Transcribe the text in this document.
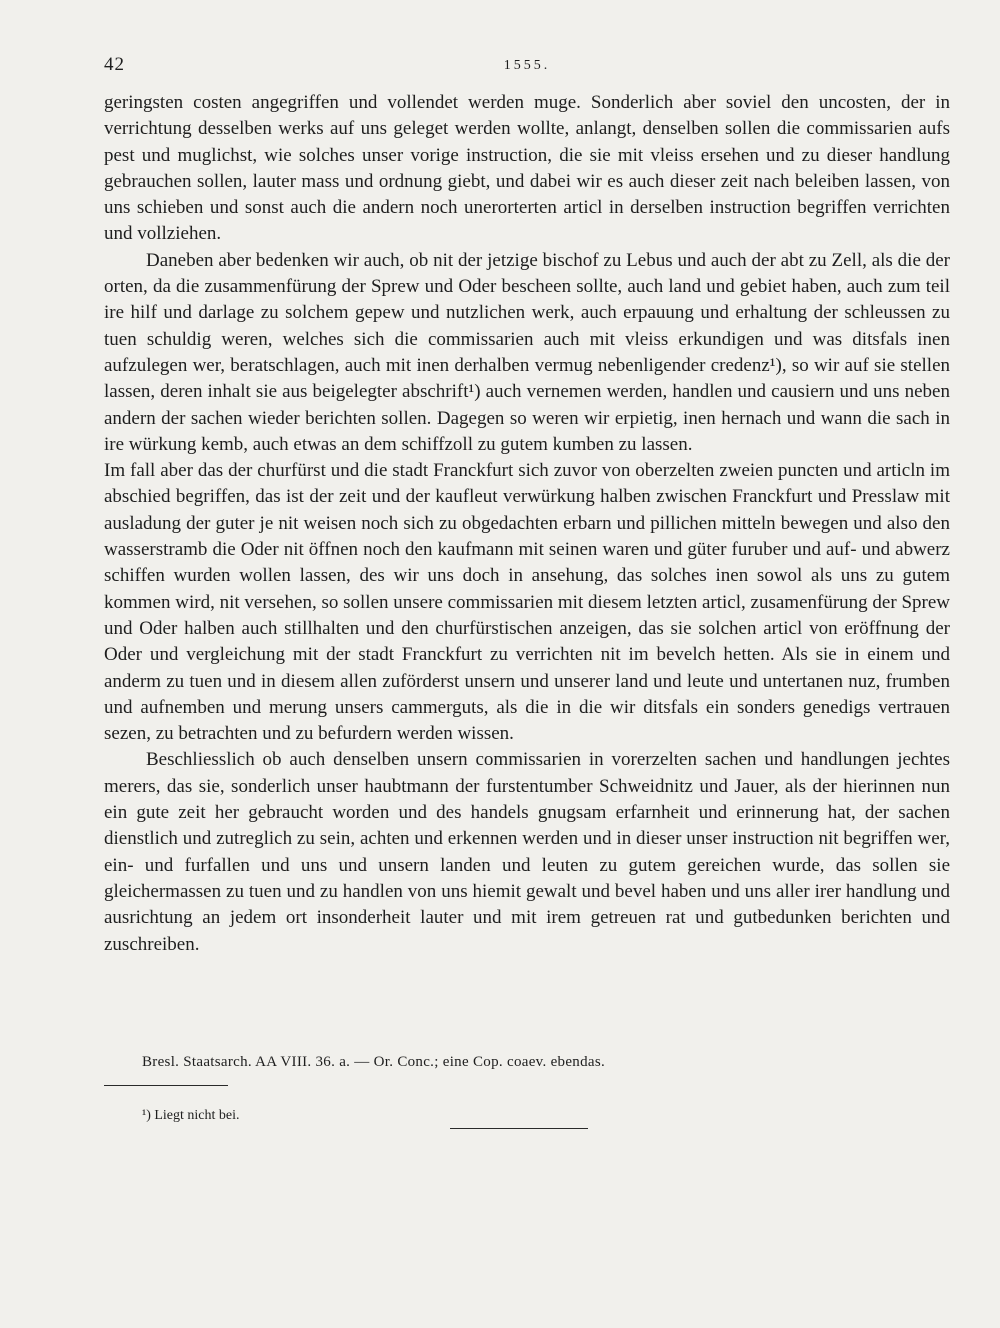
42	1555.

geringsten costen angegriffen und vollendet werden muge. Sonderlich aber soviel den uncosten, der in verrichtung desselben werks auf uns geleget werden wollte, anlangt, denselben sollen die commissarien aufs pest und muglichst, wie solches unser vorige instruction, die sie mit vleiss ersehen und zu dieser handlung gebrauchen sollen, lauter mass und ordnung giebt, und dabei wir es auch dieser zeit nach beleiben lassen, von uns schieben und sonst auch die andern noch unerorterten articl in derselben instruction begriffen verrichten und vollziehen.

Daneben aber bedenken wir auch, ob nit der jetzige bischof zu Lebus und auch der abt zu Zell, als die der orten, da die zusammenfürung der Sprew und Oder bescheen sollte, auch land und gebiet haben, auch zum teil ire hilf und darlage zu solchem gepew und nutzlichen werk, auch erpauung und erhaltung der schleussen zu tuen schuldig weren, welches sich die commissarien auch mit vleiss erkundigen und was ditsfals inen aufzulegen wer, beratschlagen, auch mit inen derhalben vermug nebenligender credenz¹), so wir auf sie stellen lassen, deren inhalt sie aus beigelegter abschrift¹) auch vernemen werden, handlen und causiern und uns neben andern der sachen wieder berichten sollen. Dagegen so weren wir erpietig, inen hernach und wann die sach in ire würkung kemb, auch etwas an dem schiffzoll zu gutem kumben zu lassen.

Im fall aber das der churfürst und die stadt Franckfurt sich zuvor von oberzelten zweien puncten und articln im abschied begriffen, das ist der zeit und der kaufleut verwürkung halben zwischen Franckfurt und Presslaw mit ausladung der guter je nit weisen noch sich zu obgedachten erbarn und pillichen mitteln bewegen und also den wasserstramb die Oder nit öffnen noch den kaufmann mit seinen waren und güter furuber und auf- und abwerz schiffen wurden wollen lassen, des wir uns doch in ansehung, das solches inen sowol als uns zu gutem kommen wird, nit versehen, so sollen unsere commissarien mit diesem letzten articl, zusamenfürung der Sprew und Oder halben auch stillhalten und den churfürstischen anzeigen, das sie solchen articl von eröffnung der Oder und vergleichung mit der stadt Franckfurt zu verrichten nit im bevelch hetten. Als sie in einem und anderm zu tuen und in diesem allen zuförderst unsern und unserer land und leute und untertanen nuz, frumben und aufnemben und merung unsers cammerguts, als die in die wir ditsfals ein sonders genedigs vertrauen sezen, zu betrachten und zu befurdern werden wissen.

Beschliesslich ob auch denselben unsern commissarien in vorerzelten sachen und handlungen jechtes merers, das sie, sonderlich unser haubtmann der furstentumber Schweidnitz und Jauer, als der hierinnen nun ein gute zeit her gebraucht worden und des handels gnugsam erfarnheit und erinnerung hat, der sachen dienstlich und zutreglich zu sein, achten und erkennen werden und in dieser unser instruction nit begriffen wer, ein- und furfallen und uns und unsern landen und leuten zu gutem gereichen wurde, das sollen sie gleichermassen zu tuen und zu handlen von uns hiemit gewalt und bevel haben und uns aller irer handlung und ausrichtung an jedem ort insonderheit lauter und mit irem getreuen rat und gutbedunken berichten und zuschreiben.

Bresl. Staatsarch. AA VIII. 36. a. — Or. Conc.; eine Cop. coaev. ebendas.
¹) Liegt nicht bei.
